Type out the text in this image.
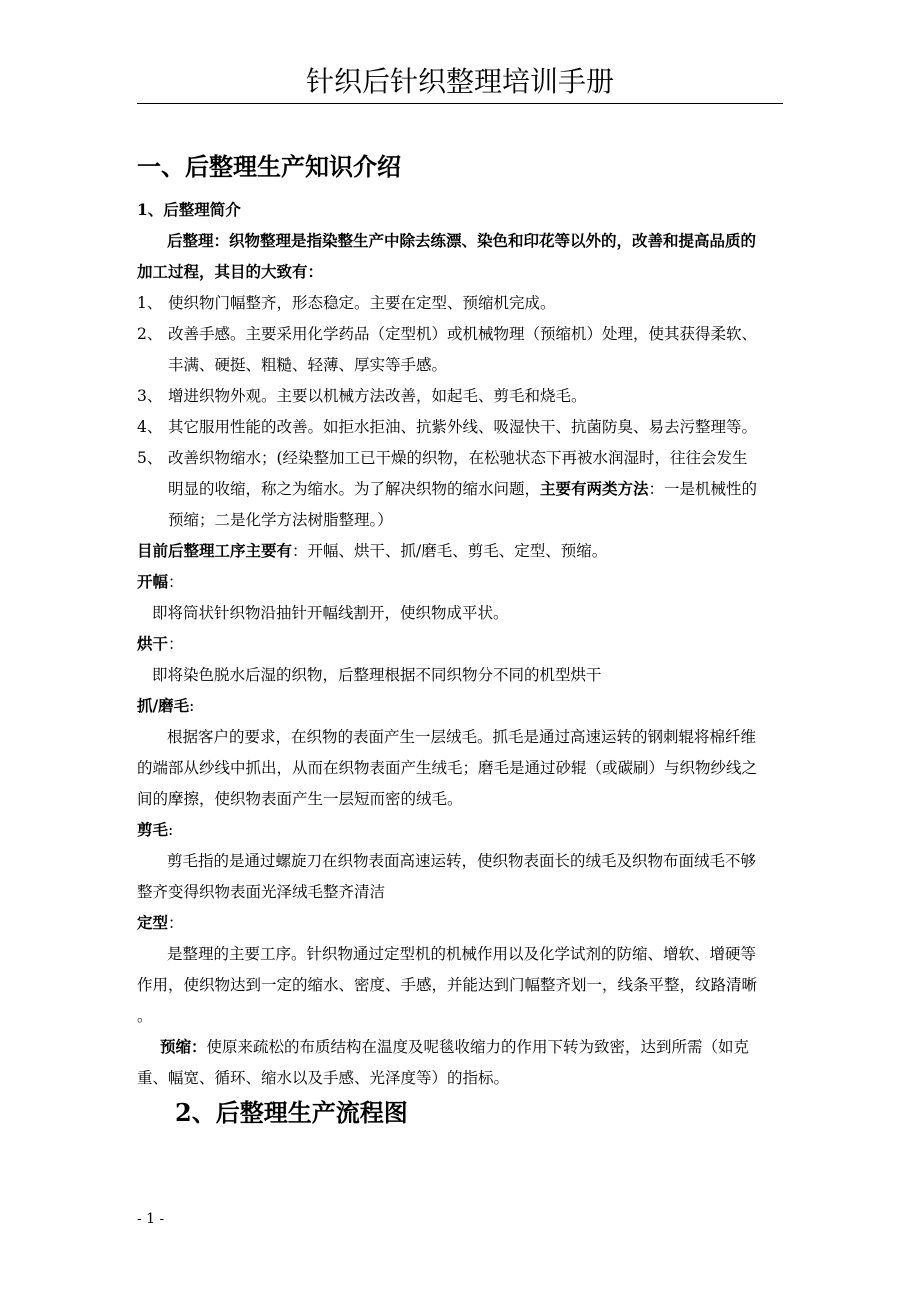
针织后针织整理培训手册
一、后整理生产知识介绍
1、后整理简介
后整理：织物整理是指染整生产中除去练漂、染色和印花等以外的，改善和提高品质的
加工过程，其目的大致有：
1、 使织物门幅整齐，形态稳定。主要在定型、预缩机完成。
2、 改善手感。主要采用化学药品（定型机）或机械物理（预缩机）处理，使其获得柔软、
丰满、硬挺、粗糙、轻薄、厚实等手感。
3、 增进织物外观。主要以机械方法改善，如起毛、剪毛和烧毛。
4、 其它服用性能的改善。如拒水拒油、抗紫外线、吸湿快干、抗菌防臭、易去污整理等。
5、 改善织物缩水；(经染整加工已干燥的织物，在松驰状态下再被水润湿时，往往会发生
明显的收缩，称之为缩水。为了解决织物的缩水问题，主要有两类方法：一是机械性的
预缩；二是化学方法树脂整理。）
目前后整理工序主要有：开幅、烘干、抓/磨毛、剪毛、定型、预缩。
开幅：
即将筒状针织物沿抽针开幅线割开，使织物成平状。
烘干：
即将染色脱水后湿的织物，后整理根据不同织物分不同的机型烘干
抓/磨毛:
根据客户的要求，在织物的表面产生一层绒毛。抓毛是通过高速运转的钢刺辊将棉纤维
的端部从纱线中抓出，从而在织物表面产生绒毛；磨毛是通过砂辊（或碳刷）与织物纱线之
间的摩擦，使织物表面产生一层短而密的绒毛。
剪毛:
剪毛指的是通过螺旋刀在织物表面高速运转，使织物表面长的绒毛及织物布面绒毛不够
整齐变得织物表面光泽绒毛整齐清洁
定型：
是整理的主要工序。针织物通过定型机的机械作用以及化学试剂的防缩、增软、增硬等
作用，使织物达到一定的缩水、密度、手感，并能达到门幅整齐划一，线条平整，纹路清晰
。
预缩：使原来疏松的布质结构在温度及呢毯收缩力的作用下转为致密，达到所需（如克
重、幅宽、循环、缩水以及手感、光泽度等）的指标。
2、后整理生产流程图
- 1 -
